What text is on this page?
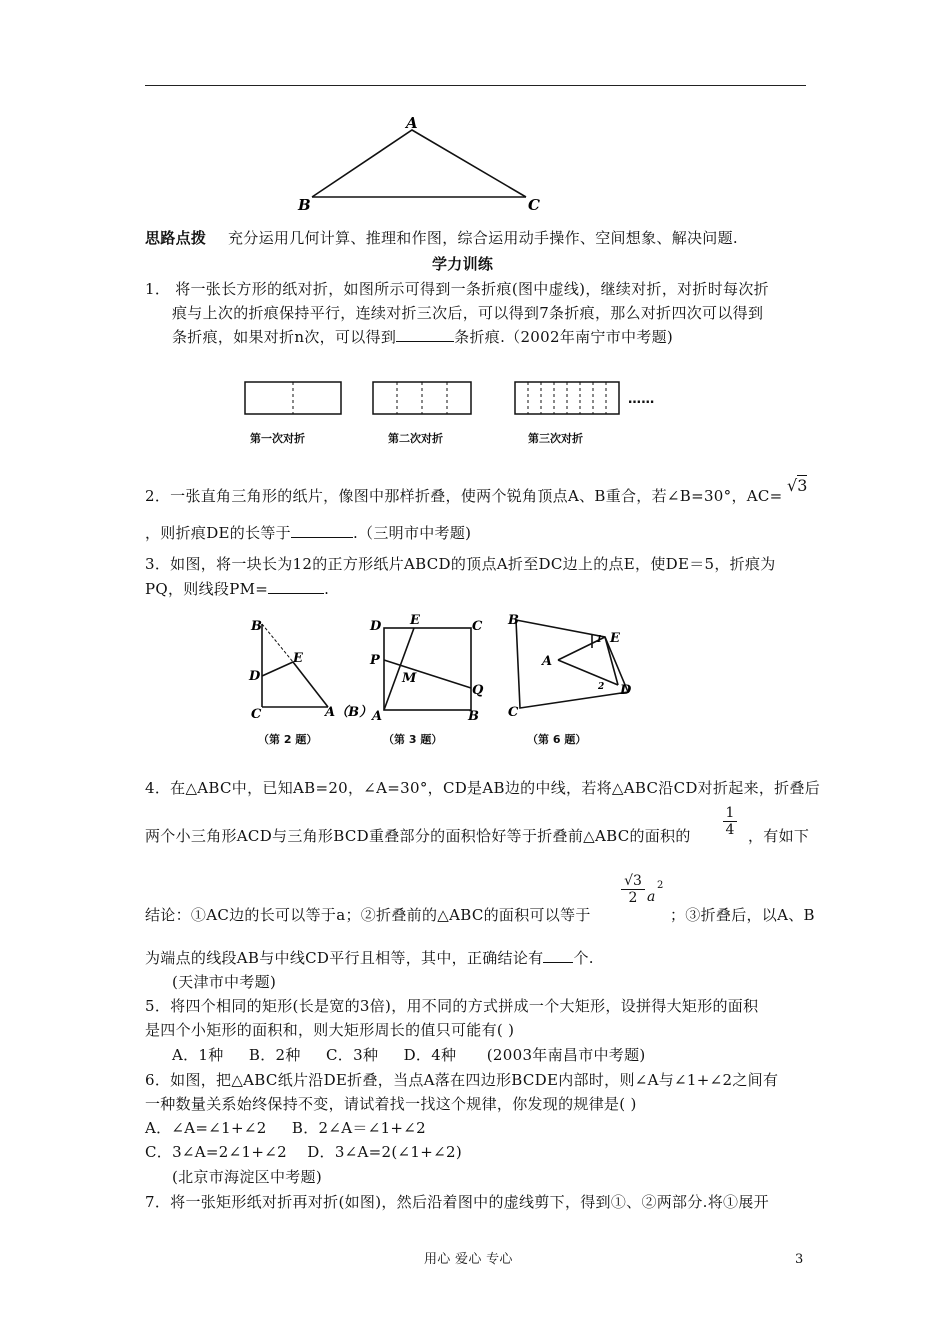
A
B	C
思路点拨 充分运用几何计算、推理和作图，综合运用动手操作、空间想象、解决问题.
学力训练
1． 将一张长方形的纸对折，如图所示可得到一条折痕(图中虚线)，继续对折，对折时每次折
痕与上次的折痕保持平行，连续对折三次后，可以得到7条折痕，那么对折四次可以得到
条折痕，如果对折n次，可以得到	条折痕.（2002年南宁市中考题)
……
第一次对折	第二次对折	第三次对折
2．一张直角三角形的纸片，像图中那样折叠，使两个锐角顶点A、B重合，若∠B=30°，AC=
√3
，则折痕DE的长等于	.（三明市中考题)
3．如图，将一块长为12的正方形纸片ABCD的顶点A折至DC边上的点E，使DE＝5，折痕为
PQ，则线段PM=	.
B
E
D
C	A（B）
D E	C
P
M
Q
A	B
B
E
A
D
C
1
2
（第 2 题）	（第 3 题）	（第 6 题）
4．在△ABC中，已知AB=20，∠A=30°，CD是AB边的中线，若将△ABC沿CD对折起来，折叠后
两个小三角形ACD与三角形BCD重叠部分的面积恰好等于折叠前△ABC的面积的 $\frac{1}{4}$ ，有如下
结论：①AC边的长可以等于a；②折叠前的△ABC的面积可以等于
$\frac{√3}{2}$ a
2
；③折叠后，以A、B
为端点的线段AB与中线CD平行且相等，其中，正确结论有 个.
(天津市中考题)
5．将四个相同的矩形(长是宽的3倍)，用不同的方式拼成一个大矩形，设拼得大矩形的面积
是四个小矩形的面积和，则大矩形周长的值只可能有( )
A．1种     B．2种     C．3种     D．4种      (2003年南昌市中考题)
6．如图，把△ABC纸片沿DE折叠，当点A落在四边形BCDE内部时，则∠A与∠1+∠2之间有
一种数量关系始终保持不变，请试着找一找这个规律，你发现的规律是( )
A．∠A=∠1+∠2     B．2∠A＝∠1+∠2
C．3∠A=2∠1+∠2    D．3∠A=2(∠1+∠2)
(北京市海淀区中考题)
7．将一张矩形纸对折再对折(如图)，然后沿着图中的虚线剪下，得到①、②两部分.将①展开
用心 爱心 专心	3
